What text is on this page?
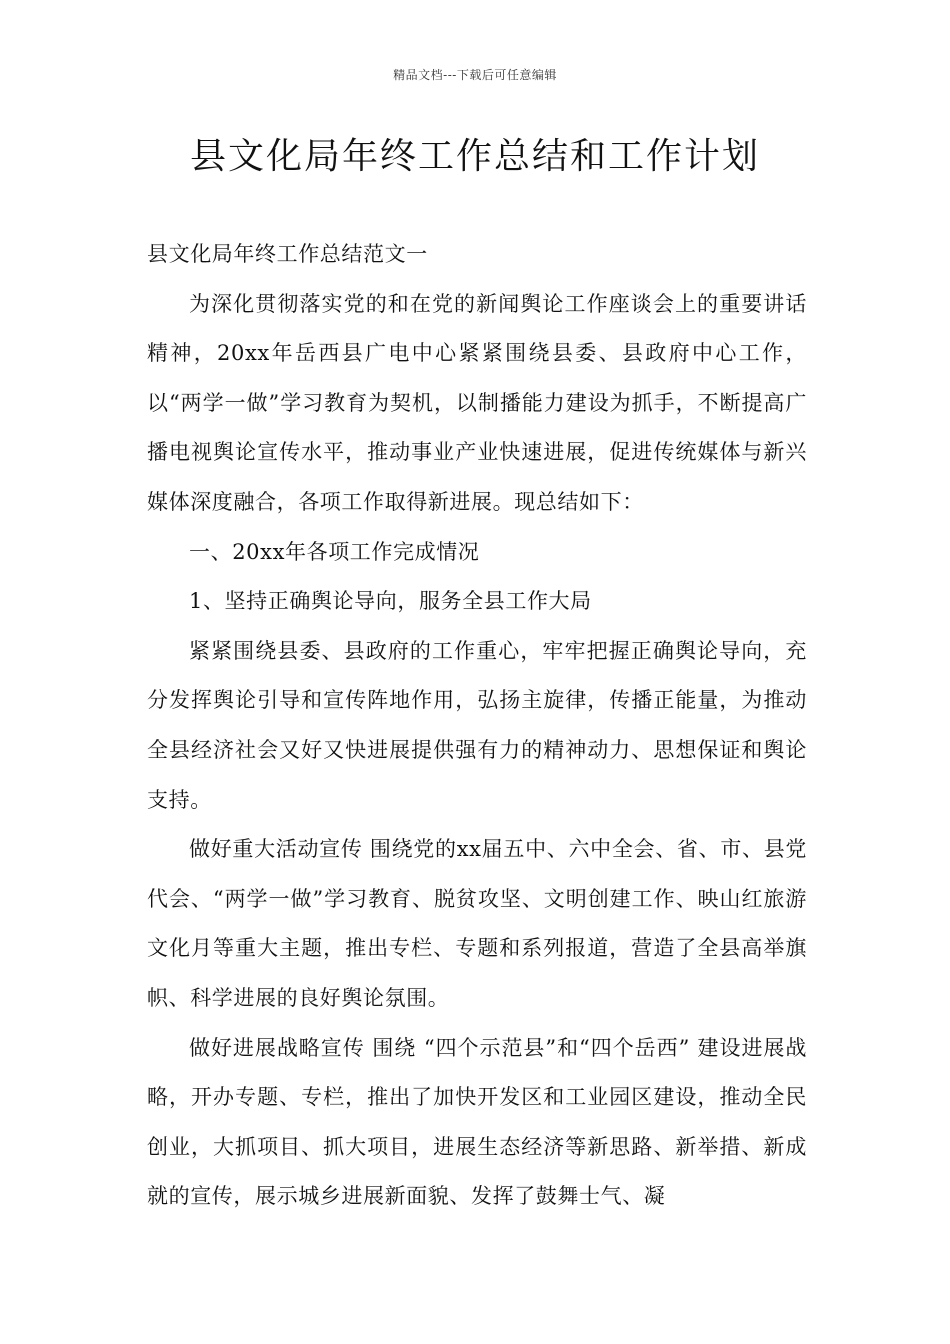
精品文档---下载后可任意编辑
县文化局年终工作总结和工作计划

县文化局年终工作总结范文一

为深化贯彻落实党的和在党的新闻舆论工作座谈会上的重要讲话精神，20xx年岳西县广电中心紧紧围绕县委、县政府中心工作，以“两学一做”学习教育为契机，以制播能力建设为抓手，不断提高广播电视舆论宣传水平，推动事业产业快速进展，促进传统媒体与新兴媒体深度融合，各项工作取得新进展。现总结如下：

一、20xx年各项工作完成情况

1、坚持正确舆论导向，服务全县工作大局

紧紧围绕县委、县政府的工作重心，牢牢把握正确舆论导向，充分发挥舆论引导和宣传阵地作用，弘扬主旋律，传播正能量，为推动全县经济社会又好又快进展提供强有力的精神动力、思想保证和舆论支持。

做好重大活动宣传 围绕党的xx届五中、六中全会、省、市、县党代会、“两学一做”学习教育、脱贫攻坚、文明创建工作、映山红旅游文化月等重大主题，推出专栏、专题和系列报道，营造了全县高举旗帜、科学进展的良好舆论氛围。

做好进展战略宣传 围绕 “四个示范县”和“四个岳西” 建设进展战略，开办专题、专栏，推出了加快开发区和工业园区建设，推动全民创业，大抓项目、抓大项目，进展生态经济等新思路、新举措、新成就的宣传，展示城乡进展新面貌、发挥了鼓舞士气、凝
